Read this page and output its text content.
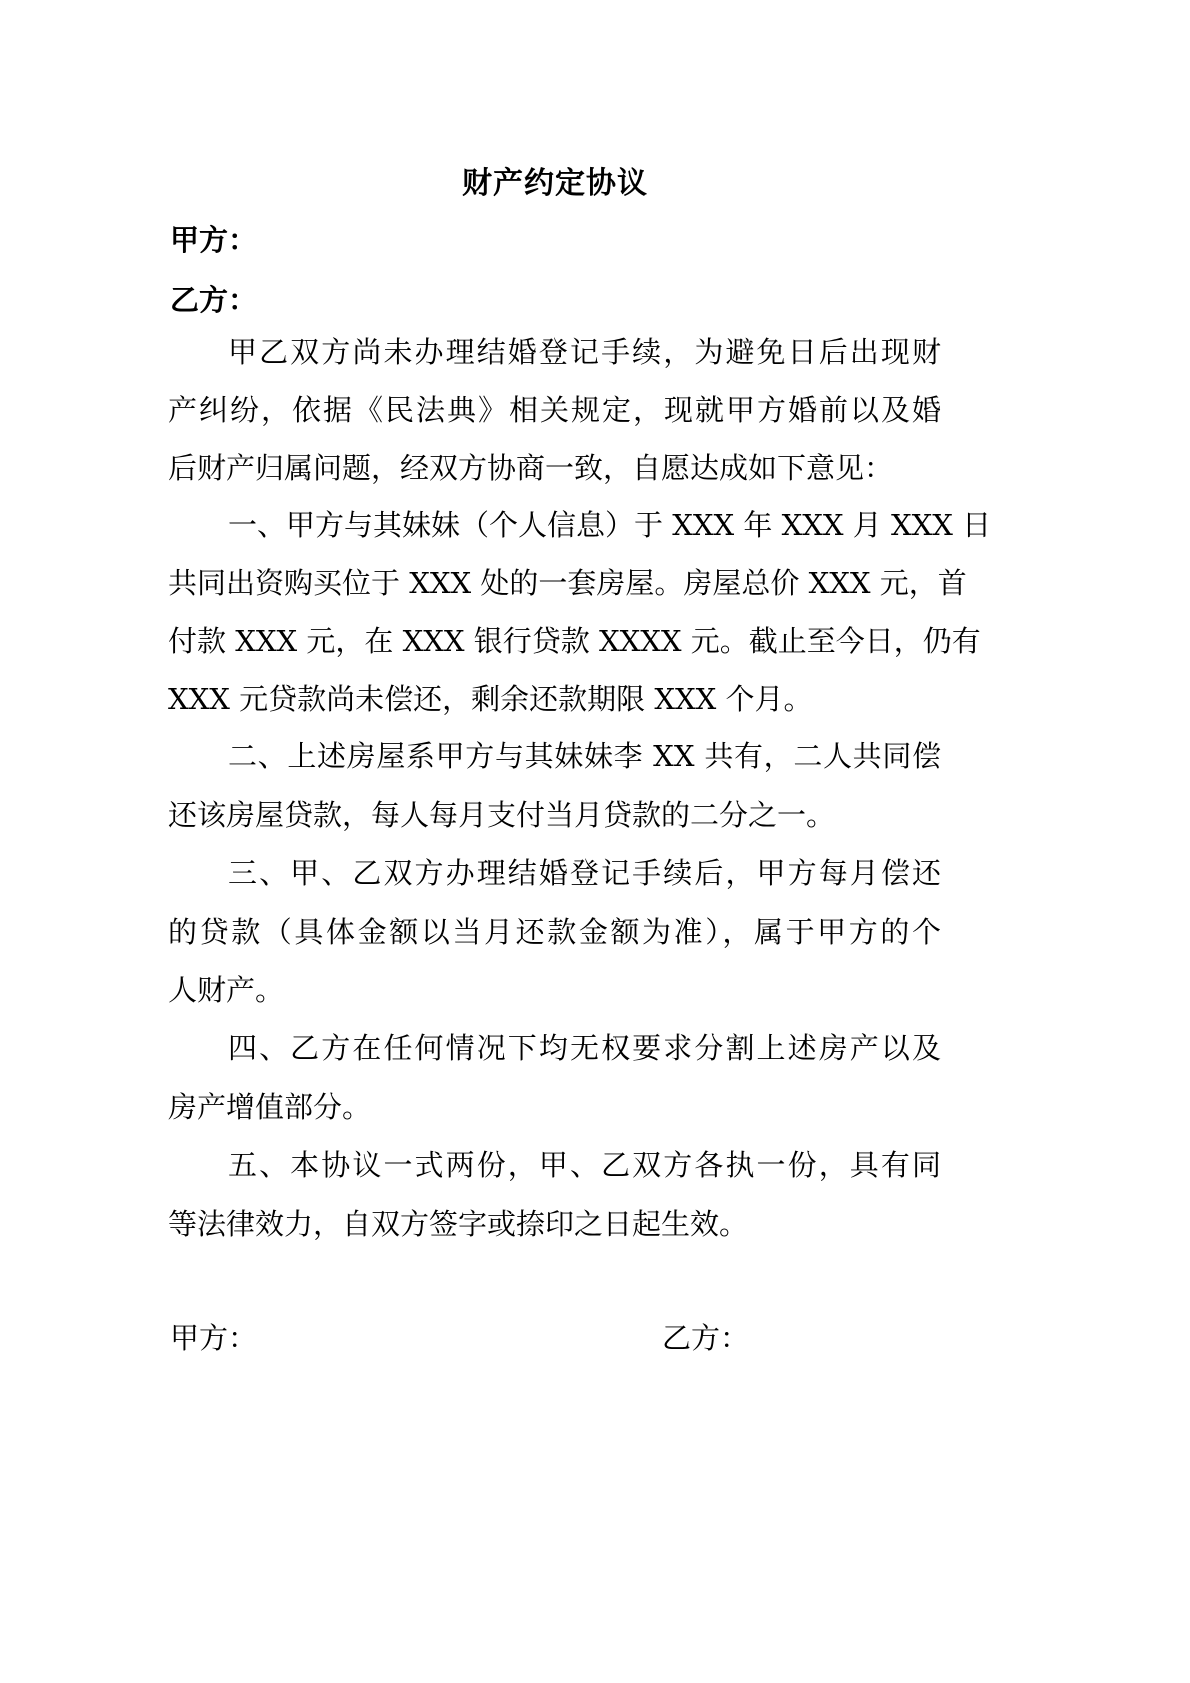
财产约定协议
甲方：
乙方：
甲乙双方尚未办理结婚登记手续，为避免日后出现财
产纠纷，依据《民法典》相关规定，现就甲方婚前以及婚
后财产归属问题，经双方协商一致，自愿达成如下意见：
一、甲方与其妹妹（个人信息）于 XXX 年 XXX 月 XXX 日
共同出资购买位于 XXX 处的一套房屋。房屋总价 XXX 元，首
付款 XXX 元，在 XXX 银行贷款 XXXX 元。截止至今日，仍有
XXX 元贷款尚未偿还，剩余还款期限 XXX 个月。
二、上述房屋系甲方与其妹妹李 XX 共有，二人共同偿
还该房屋贷款，每人每月支付当月贷款的二分之一。
三、甲、乙双方办理结婚登记手续后，甲方每月偿还
的贷款（具体金额以当月还款金额为准），属于甲方的个
人财产。
四、乙方在任何情况下均无权要求分割上述房产以及
房产增值部分。
五、本协议一式两份，甲、乙双方各执一份，具有同
等法律效力，自双方签字或捺印之日起生效。
甲方：	乙方：
